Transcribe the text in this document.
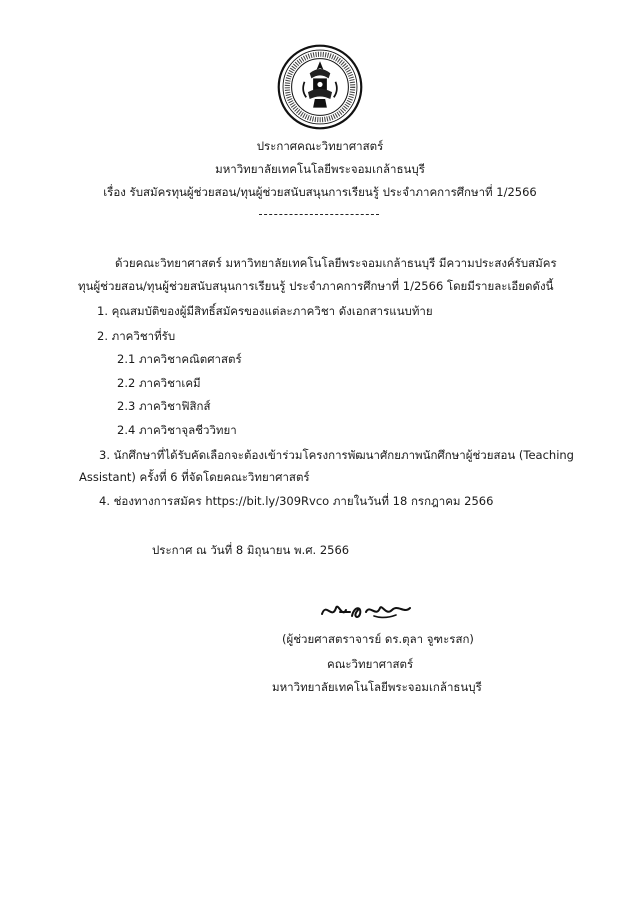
ประกาศคณะวิทยาศาสตร์
มหาวิทยาลัยเทคโนโลยีพระจอมเกล้าธนบุรี
เรื่อง รับสมัครทุนผู้ช่วยสอน/ทุนผู้ช่วยสนับสนุนการเรียนรู้ ประจำภาคการศึกษาที่ 1/2566
ด้วยคณะวิทยาศาสตร์ มหาวิทยาลัยเทคโนโลยีพระจอมเกล้าธนบุรี มีความประสงค์รับสมัคร
ทุนผู้ช่วยสอน/ทุนผู้ช่วยสนับสนุนการเรียนรู้ ประจำภาคการศึกษาที่ 1/2566 โดยมีรายละเอียดดังนี้
1. คุณสมบัติของผู้มีสิทธิ์สมัครของแต่ละภาควิชา ดังเอกสารแนบท้าย
2. ภาควิชาที่รับ
2.1 ภาควิชาคณิตศาสตร์
2.2 ภาควิชาเคมี
2.3 ภาควิชาฟิสิกส์
2.4 ภาควิชาจุลชีววิทยา
3. นักศึกษาที่ได้รับคัดเลือกจะต้องเข้าร่วมโครงการพัฒนาศักยภาพนักศึกษาผู้ช่วยสอน (Teaching
Assistant) ครั้งที่ 6 ที่จัดโดยคณะวิทยาศาสตร์
4. ช่องทางการสมัคร https://bit.ly/309Rvco ภายในวันที่ 18 กรกฎาคม 2566
ประกาศ ณ วันที่ 8 มิถุนายน พ.ศ. 2566
(ผู้ช่วยศาสตราจารย์ ดร.ตุลา จูฑะรสก)
คณะวิทยาศาสตร์
มหาวิทยาลัยเทคโนโลยีพระจอมเกล้าธนบุรี
